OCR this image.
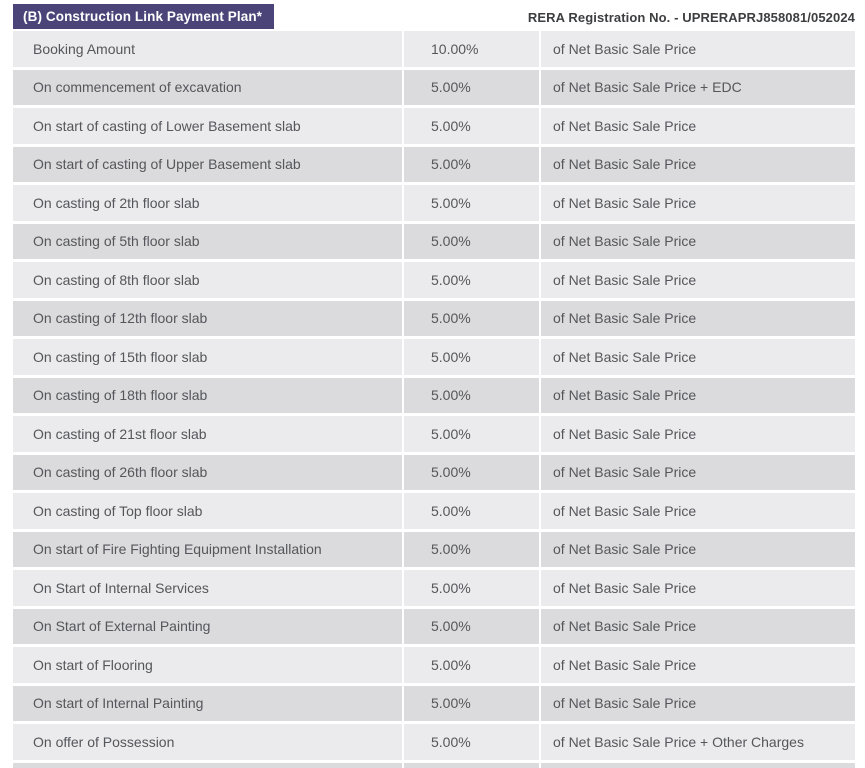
(B) Construction Link Payment Plan*	RERA Registration No. - UPRERAPRJ858081/052024
Booking Amount	10.00%	of Net Basic Sale Price
On commencement of excavation	5.00%	of Net Basic Sale Price + EDC
On start of casting of Lower Basement slab	5.00%	of Net Basic Sale Price
On start of casting of Upper Basement slab	5.00%	of Net Basic Sale Price
On casting of 2th floor slab	5.00%	of Net Basic Sale Price
On casting of 5th floor slab	5.00%	of Net Basic Sale Price
On casting of 8th floor slab	5.00%	of Net Basic Sale Price
On casting of 12th floor slab	5.00%	of Net Basic Sale Price
On casting of 15th floor slab	5.00%	of Net Basic Sale Price
On casting of 18th floor slab	5.00%	of Net Basic Sale Price
On casting of 21st floor slab	5.00%	of Net Basic Sale Price
On casting of 26th floor slab	5.00%	of Net Basic Sale Price
On casting of Top floor slab	5.00%	of Net Basic Sale Price
On start of Fire Fighting Equipment Installation	5.00%	of Net Basic Sale Price
On Start of Internal Services	5.00%	of Net Basic Sale Price
On Start of External Painting	5.00%	of Net Basic Sale Price
On start of Flooring	5.00%	of Net Basic Sale Price
On start of Internal Painting	5.00%	of Net Basic Sale Price
On offer of Possession	5.00%	of Net Basic Sale Price + Other Charges
